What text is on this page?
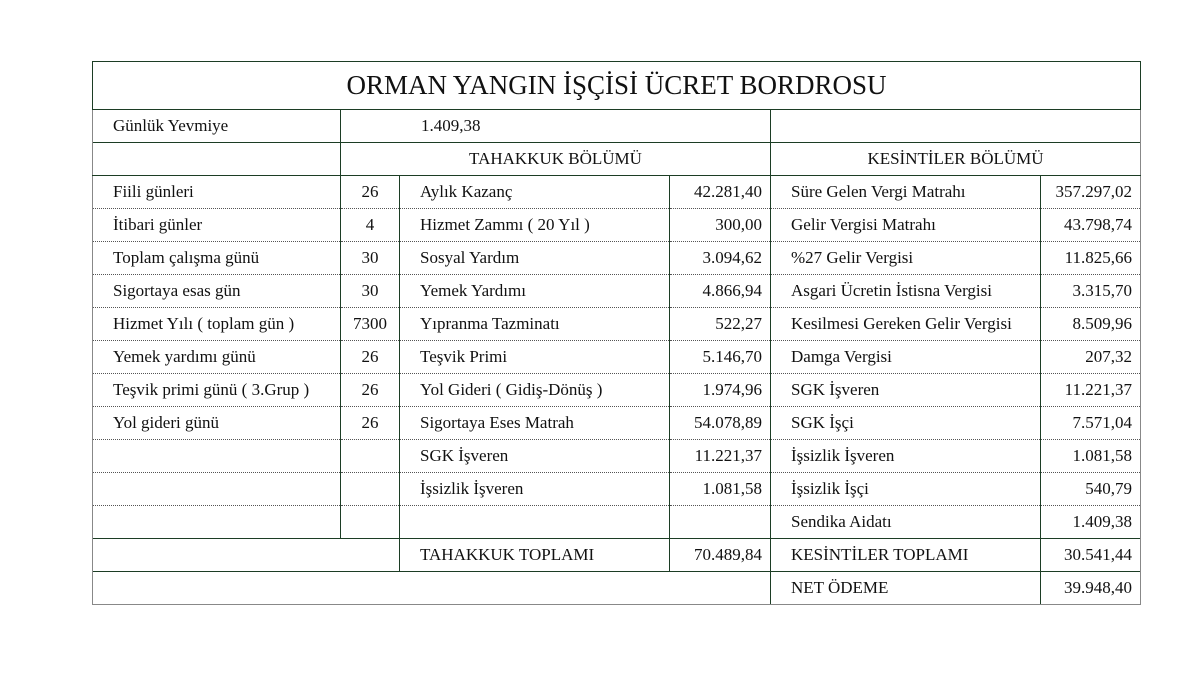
ORMAN YANGIN İŞÇİSİ ÜCRET BORDROSU					
Günlük Yevmiye	1.409,38				
	TAHAKKUK BÖLÜMÜ			KESİNTİLER BÖLÜMÜ	
Fiili günleri	26	Aylık Kazanç	42.281,40	Süre Gelen Vergi Matrahı	357.297,02
İtibari günler	4	Hizmet Zammı ( 20 Yıl )	300,00	Gelir Vergisi Matrahı	43.798,74
Toplam çalışma günü	30	Sosyal Yardım	3.094,62	%27 Gelir Vergisi	11.825,66
Sigortaya esas gün	30	Yemek Yardımı	4.866,94	Asgari Ücretin İstisna Vergisi	3.315,70
Hizmet Yılı ( toplam gün )	7300	Yıpranma Tazminatı	522,27	Kesilmesi Gereken Gelir Vergisi	8.509,96
Yemek yardımı günü	26	Teşvik Primi	5.146,70	Damga Vergisi	207,32
Teşvik primi günü ( 3.Grup )	26	Yol Gideri ( Gidiş-Dönüş )	1.974,96	SGK İşveren	11.221,37
Yol gideri günü	26	Sigortaya Eses Matrah	54.078,89	SGK İşçi	7.571,04
		SGK İşveren	11.221,37	İşsizlik İşveren	1.081,58
		İşsizlik İşveren	1.081,58	İşsizlik İşçi	540,79
				Sendika Aidatı	1.409,38
		TAHAKKUK TOPLAMI	70.489,84	KESİNTİLER TOPLAMI	30.541,44
				NET ÖDEME	39.948,40
